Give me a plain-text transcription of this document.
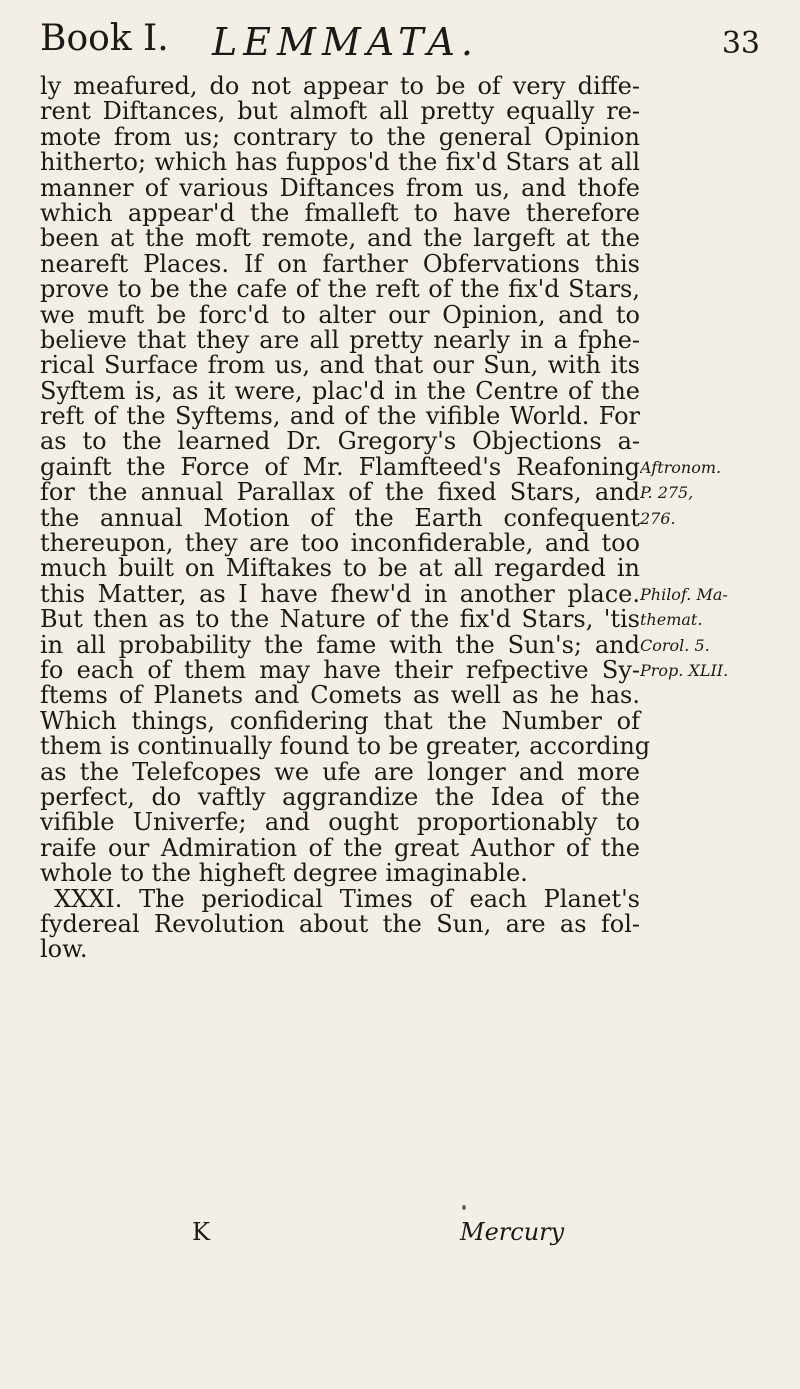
Book I. LEMMATA.	33
ly meafured, do not appear to be of very diffe-
rent Diftances, but almoft all pretty equally re-
mote from us; contrary to the general Opinion
hitherto; which has fuppos'd the fix'd Stars at all
manner of various Diftances from us, and thofe
which appear'd the fmalleft to have therefore
been at the moft remote, and the largeft at the
neareft Places. If on farther Obfervations this
prove to be the cafe of the reft of the fix'd Stars,
we muft be forc'd to alter our Opinion, and to
believe that they are all pretty nearly in a fphe-
rical Surface from us, and that our Sun, with its
Syftem is, as it were, plac'd in the Centre of the
reft of the Syftems, and of the vifible World. For
as to the learned Dr. Gregory's Objections a-
gainft the Force of Mr. Flamfteed's Reafoning
for the annual Parallax of the fixed Stars, and
the annual Motion of the Earth confequent
thereupon, they are too inconfiderable, and too
much built on Miftakes to be at all regarded in
this Matter, as I have fhew'd in another place.
But then as to the Nature of the fix'd Stars, 'tis
in all probability the fame with the Sun's; and
fo each of them may have their refpective Sy-
ftems of Planets and Comets as well as he has.
Which things, confidering that the Number of
them is continually found to be greater, according
as the Telefcopes we ufe are longer and more
perfect, do vaftly aggrandize the Idea of the
vifible Univerfe; and ought proportionably to
raife our Admiration of the great Author of the
whole to the higheft degree imaginable.
XXXI. The periodical Times of each Planet's
fydereal Revolution about the Sun, are as fol-
low.
Aftronom.
P. 275,
276.
Philof. Ma-
themat.
Corol. 5.
Prop. XLII.
K	Mercury
